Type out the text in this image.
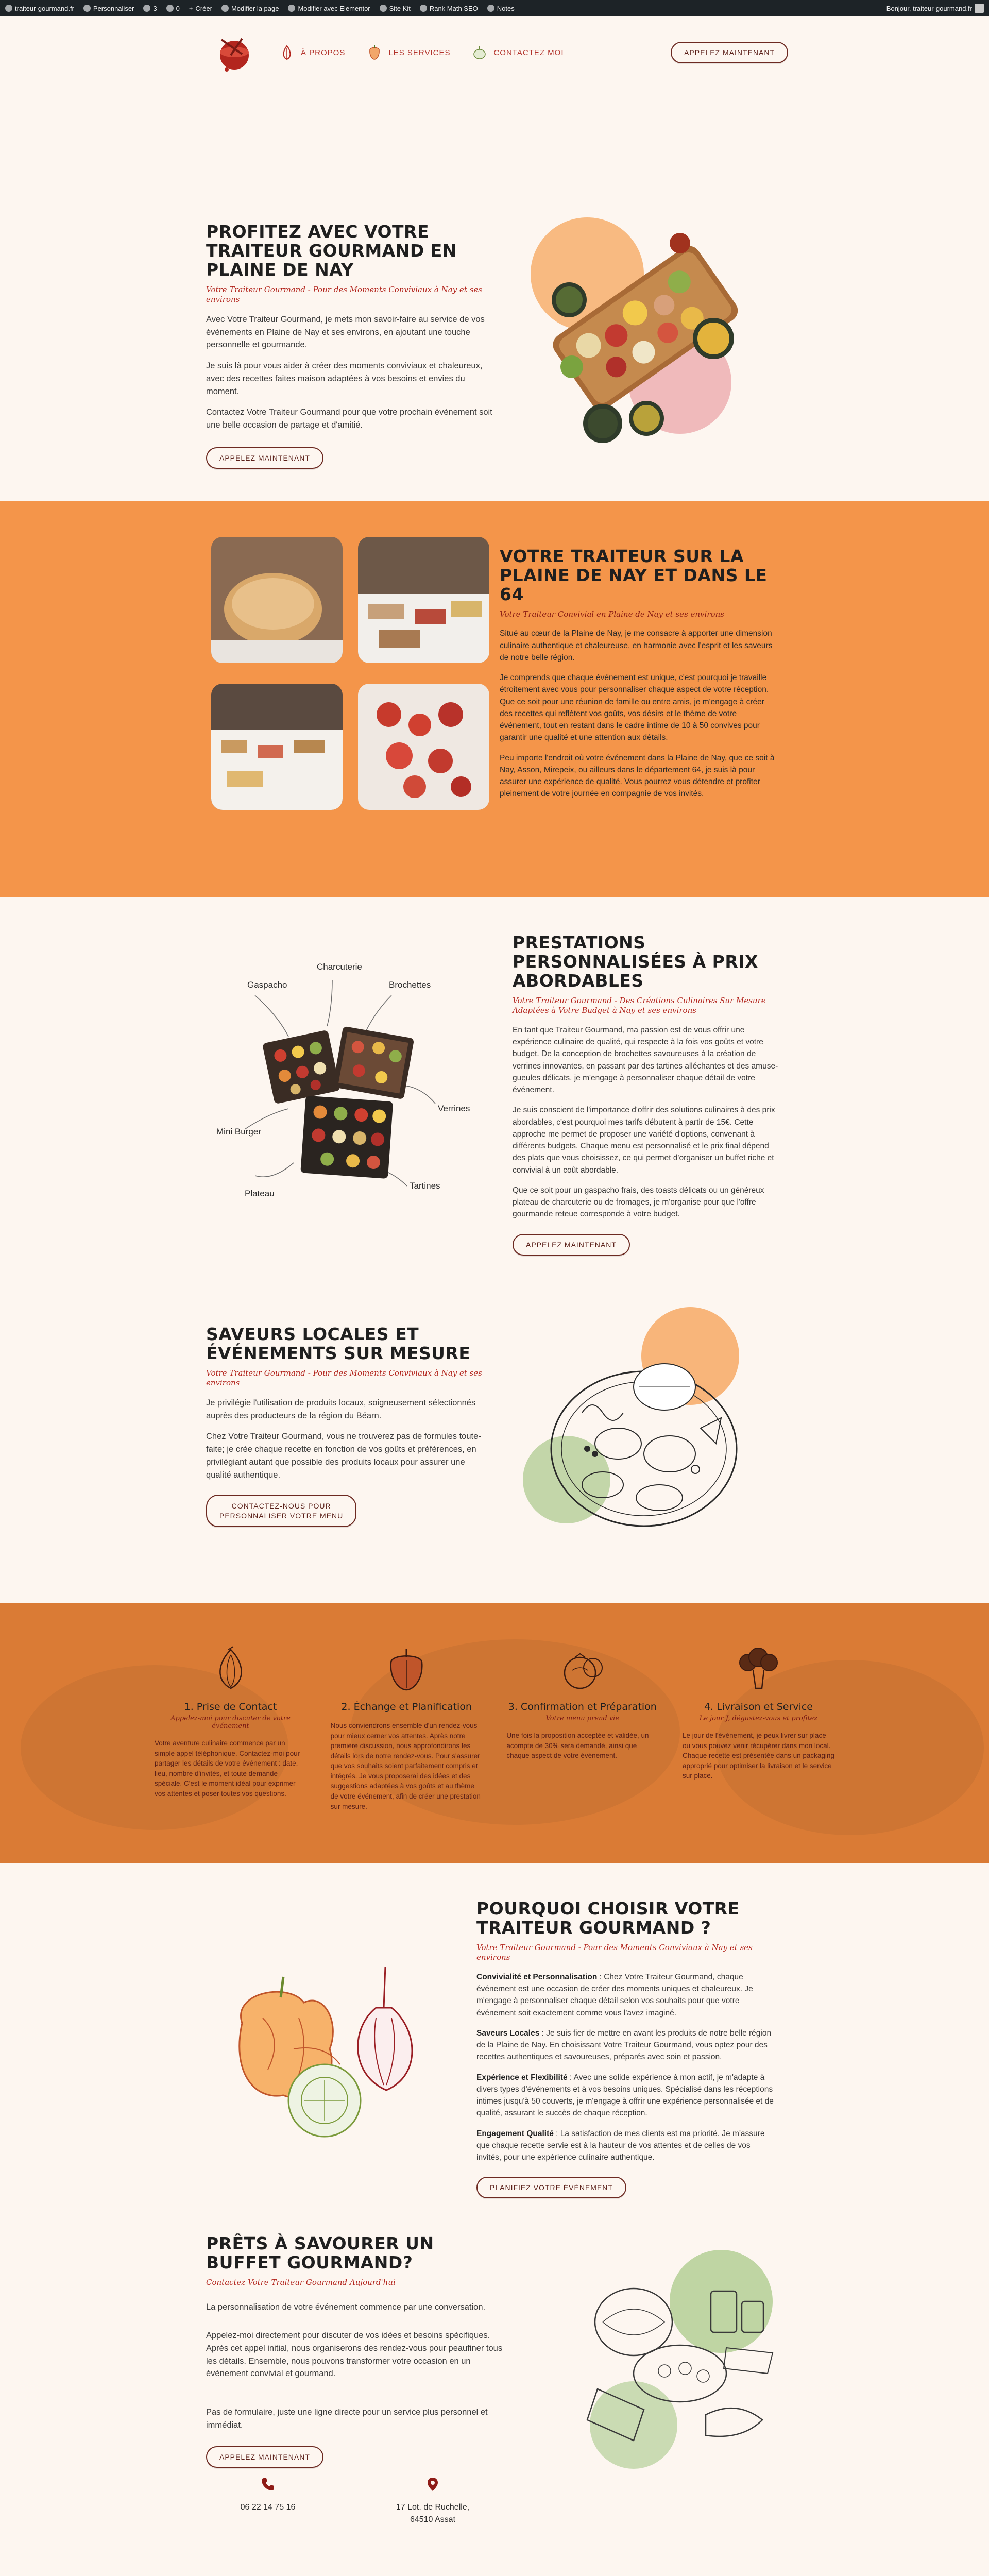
traiteur-gourmand.fr	Personnaliser	3	0 + Créer	Modifier la page	Modifier avec Elementor	Site Kit	Rank Math SEO	Notes	Bonjour, traiteur-gourmand.fr
À PROPOS	LES SERVICES	CONTACTEZ MOI	APPELEZ MAINTENANT
PROFITEZ AVEC VOTRE TRAITEUR GOURMAND EN PLAINE DE NAY

Votre Traiteur Gourmand - Pour des Moments Conviviaux à Nay et ses environs

Avec Votre Traiteur Gourmand, je mets mon savoir-faire au service de vos événements en Plaine de Nay et ses environs, en ajoutant une touche personnelle et gourmande.

Je suis là pour vous aider à créer des moments conviviaux et chaleureux, avec des recettes faites maison adaptées à vos besoins et envies du moment.

Contactez Votre Traiteur Gourmand pour que votre prochain événement soit une belle occasion de partage et d'amitié.

APPELEZ MAINTENANT
VOTRE TRAITEUR SUR LA PLAINE DE NAY ET DANS LE 64

Votre Traiteur Convivial en Plaine de Nay et ses environs

Situé au cœur de la Plaine de Nay, je me consacre à apporter une dimension culinaire authentique et chaleureuse, en harmonie avec l'esprit et les saveurs de notre belle région.

Je comprends que chaque événement est unique, c'est pourquoi je travaille étroitement avec vous pour personnaliser chaque aspect de votre réception. Que ce soit pour une réunion de famille ou entre amis, je m'engage à créer des recettes qui reflètent vos goûts, vos désirs et le thème de votre événement, tout en restant dans le cadre intime de 10 à 50 convives pour garantir une qualité et une attention aux détails.

Peu importe l'endroit où votre événement dans la Plaine de Nay, que ce soit à Nay, Asson, Mirepeix, ou ailleurs dans le département 64, je suis là pour assurer une expérience de qualité. Vous pourrez vous détendre et profiter pleinement de votre journée en compagnie de vos invités.

Gaspacho
Charcuterie
Brochettes
Verrines
Tartines
Plateau
Mini Burger
PRESTATIONS PERSONNALISÉES À PRIX ABORDABLES

Votre Traiteur Gourmand - Des Créations Culinaires Sur Mesure Adaptées à Votre Budget à Nay et ses environs

En tant que Traiteur Gourmand, ma passion est de vous offrir une expérience culinaire de qualité, qui respecte à la fois vos goûts et votre budget. De la conception de brochettes savoureuses à la création de verrines innovantes, en passant par des tartines alléchantes et des amuse-gueules délicats, je m'engage à personnaliser chaque détail de votre événement.

Je suis conscient de l'importance d'offrir des solutions culinaires à des prix abordables, c'est pourquoi mes tarifs débutent à partir de 15€. Cette approche me permet de proposer une variété d'options, convenant à différents budgets. Chaque menu est personnalisé et le prix final dépend des plats que vous choisissez, ce qui permet d'organiser un buffet riche et convivial à un coût abordable.

Que ce soit pour un gaspacho frais, des toasts délicats ou un généreux plateau de charcuterie ou de fromages, je m'organise pour que l'offre gourmande reteue corresponde à votre budget.

APPELEZ MAINTENANT
SAVEURS LOCALES ET ÉVÉNEMENTS SUR MESURE

Votre Traiteur Gourmand - Pour des Moments Conviviaux à Nay et ses environs

Je privilégie l'utilisation de produits locaux, soigneusement sélectionnés auprès des producteurs de la région du Béarn.

Chez Votre Traiteur Gourmand, vous ne trouverez pas de formules toute-faite; je crée chaque recette en fonction de vos goûts et préférences, en privilégiant autant que possible des produits locaux pour assurer une qualité authentique.

CONTACTEZ-NOUS POUR
PERSONNALISER VOTRE MENU
1. Prise de Contact
Appelez-moi pour discuter de votre événement

Votre aventure culinaire commence par un simple appel téléphonique. Contactez-moi pour partager les détails de votre événement : date, lieu, nombre d'invités, et toute demande spéciale. C'est le moment idéal pour exprimer vos attentes et poser toutes vos questions.

2. Échange et Planification

Nous conviendrons ensemble d'un rendez-vous pour mieux cerner vos attentes. Après notre première discussion, nous approfondirons les détails lors de notre rendez-vous. Pour s'assurer que vos souhaits soient parfaitement compris et intégrés. Je vous proposerai des idées et des suggestions adaptées à vos goûts et au thème de votre événement, afin de créer une prestation sur mesure.

3. Confirmation et Préparation
Votre menu prend vie

Une fois la proposition acceptée et validée, un acompte de 30% sera demandé, ainsi que chaque aspect de votre événement.

4. Livraison et Service
Le jour J, dégustez-vous et profitez

Le jour de l'événement, je peux livrer sur place ou vous pouvez venir récupérer dans mon local. Chaque recette est présentée dans un packaging approprié pour optimiser la livraison et le service sur place.

POURQUOI CHOISIR VOTRE TRAITEUR GOURMAND ?

Votre Traiteur Gourmand - Pour des Moments Conviviaux à Nay et ses environs

Convivialité et Personnalisation : Chez Votre Traiteur Gourmand, chaque événement est une occasion de créer des moments uniques et chaleureux. Je m'engage à personnaliser chaque détail selon vos souhaits pour que votre événement soit exactement comme vous l'avez imaginé.

Saveurs Locales : Je suis fier de mettre en avant les produits de notre belle région de la Plaine de Nay. En choisissant Votre Traiteur Gourmand, vous optez pour des recettes authentiques et savoureuses, préparés avec soin et passion.

Expérience et Flexibilité : Avec une solide expérience à mon actif, je m'adapte à divers types d'événements et à vos besoins uniques. Spécialisé dans les réceptions intimes jusqu'à 50 couverts, je m'engage à offrir une expérience personnalisée et de qualité, assurant le succès de chaque réception.

Engagement Qualité : La satisfaction de mes clients est ma priorité. Je m'assure que chaque recette servie est à la hauteur de vos attentes et de celles de vos invités, pour une expérience culinaire authentique.

PLANIFIEZ VOTRE ÉVÉNEMENT
PRÊTS À SAVOURER UN BUFFET GOURMAND?

Contactez Votre Traiteur Gourmand Aujourd'hui

La personnalisation de votre événement commence par une conversation.

Appelez-moi directement pour discuter de vos idées et besoins spécifiques. Après cet appel initial, nous organiserons des rendez-vous pour peaufiner tous les détails. Ensemble, nous pouvons transformer votre occasion en un événement convivial et gourmand.

Pas de formulaire, juste une ligne directe pour un service plus personnel et immédiat.

APPELEZ MAINTENANT
06 22 14 75 16	17 Lot. de Ruchelle,
64510 Assat
